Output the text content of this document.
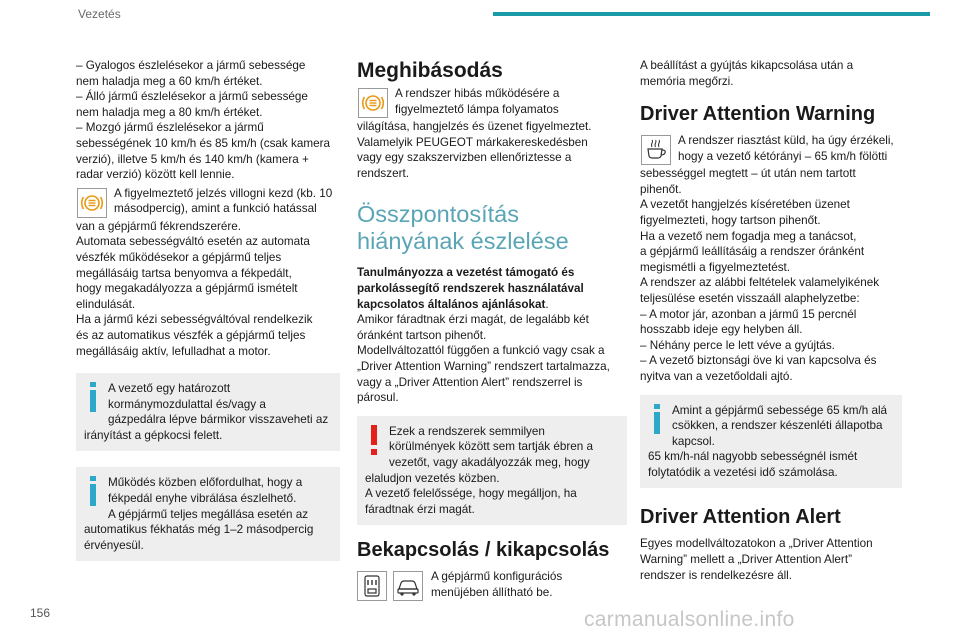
Vezetés
– Gyalogos észlelésekor a jármű sebessége
nem haladja meg a 60 km/h értéket.
– Álló jármű észlelésekor a jármű sebessége
nem haladja meg a 80 km/h értéket.
– Mozgó jármű észlelésekor a jármű
sebességének 10 km/h és 85 km/h (csak kamera
verzió), illetve 5 km/h és 140 km/h (kamera +
radar verzió) között kell lennie.
A figyelmeztető jelzés villogni kezd (kb. 10
másodpercig), amint a funkció hatással
van a gépjármű fékrendszerére.
Automata sebességváltó esetén az automata
vészfék működésekor a gépjármű teljes
megállásáig tartsa benyomva a fékpedált,
hogy megakadályozza a gépjármű ismételt
elindulását.
Ha a jármű kézi sebességváltóval rendelkezik
és az automatikus vészfék a gépjármű teljes
megállásáig aktív, lefulladhat a motor.
A vezető egy határozott
kormánymozdulattal és/vagy a
gázpedálra lépve bármikor visszaveheti az
irányítást a gépkocsi felett.
Működés közben előfordulhat, hogy a
fékpedál enyhe vibrálása észlelhető.
A gépjármű teljes megállása esetén az
automatikus fékhatás még 1–2 másodpercig
érvényesül.
Meghibásodás
A rendszer hibás működésére a
figyelmeztető lámpa folyamatos
világítása, hangjelzés és üzenet figyelmeztet.
Valamelyik PEUGEOT márkakereskedésben
vagy egy szakszervizben ellenőriztesse a
rendszert.
Összpontosítás
hiányának észlelése
Tanulmányozza a vezetést támogató és
parkolássegítő rendszerek használatával
kapcsolatos általános ajánlásokat.
Amikor fáradtnak érzi magát, de legalább két
óránként tartson pihenőt.
Modellváltozattól függően a funkció vagy csak a
„Driver Attention Warning” rendszert tartalmazza,
vagy a „Driver Attention Alert” rendszerrel is
párosul.
Ezek a rendszerek semmilyen
körülmények között sem tartják ébren a
vezetőt, vagy akadályozzák meg, hogy
elaludjon vezetés közben.
A vezető felelőssége, hogy megálljon, ha
fáradtnak érzi magát.
Bekapcsolás / kikapcsolás
A gépjármű konfigurációs
menüjében állítható be.
A beállítást a gyújtás kikapcsolása után a
memória megőrzi.
Driver Attention Warning
A rendszer riasztást küld, ha úgy érzékeli,
hogy a vezető kétórányi – 65 km/h fölötti
sebességgel megtett – út után nem tartott
pihenőt.
A vezetőt hangjelzés kíséretében üzenet
figyelmezteti, hogy tartson pihenőt.
Ha a vezető nem fogadja meg a tanácsot,
a gépjármű leállításáig a rendszer óránként
megismétli a figyelmeztetést.
A rendszer az alábbi feltételek valamelyikének
teljesülése esetén visszaáll alaphelyzetbe:
– A motor jár, azonban a jármű 15 percnél
hosszabb ideje egy helyben áll.
– Néhány perce le lett véve a gyújtás.
– A vezető biztonsági öve ki van kapcsolva és
nyitva van a vezetőoldali ajtó.
Amint a gépjármű sebessége 65 km/h alá
csökken, a rendszer készenléti állapotba
kapcsol.
65 km/h-nál nagyobb sebességnél ismét
folytatódik a vezetési idő számolása.
Driver Attention Alert
Egyes modellváltozatokon a „Driver Attention
Warning” mellett a „Driver Attention Alert”
rendszer is rendelkezésre áll.
156	carmanualsonline.info
